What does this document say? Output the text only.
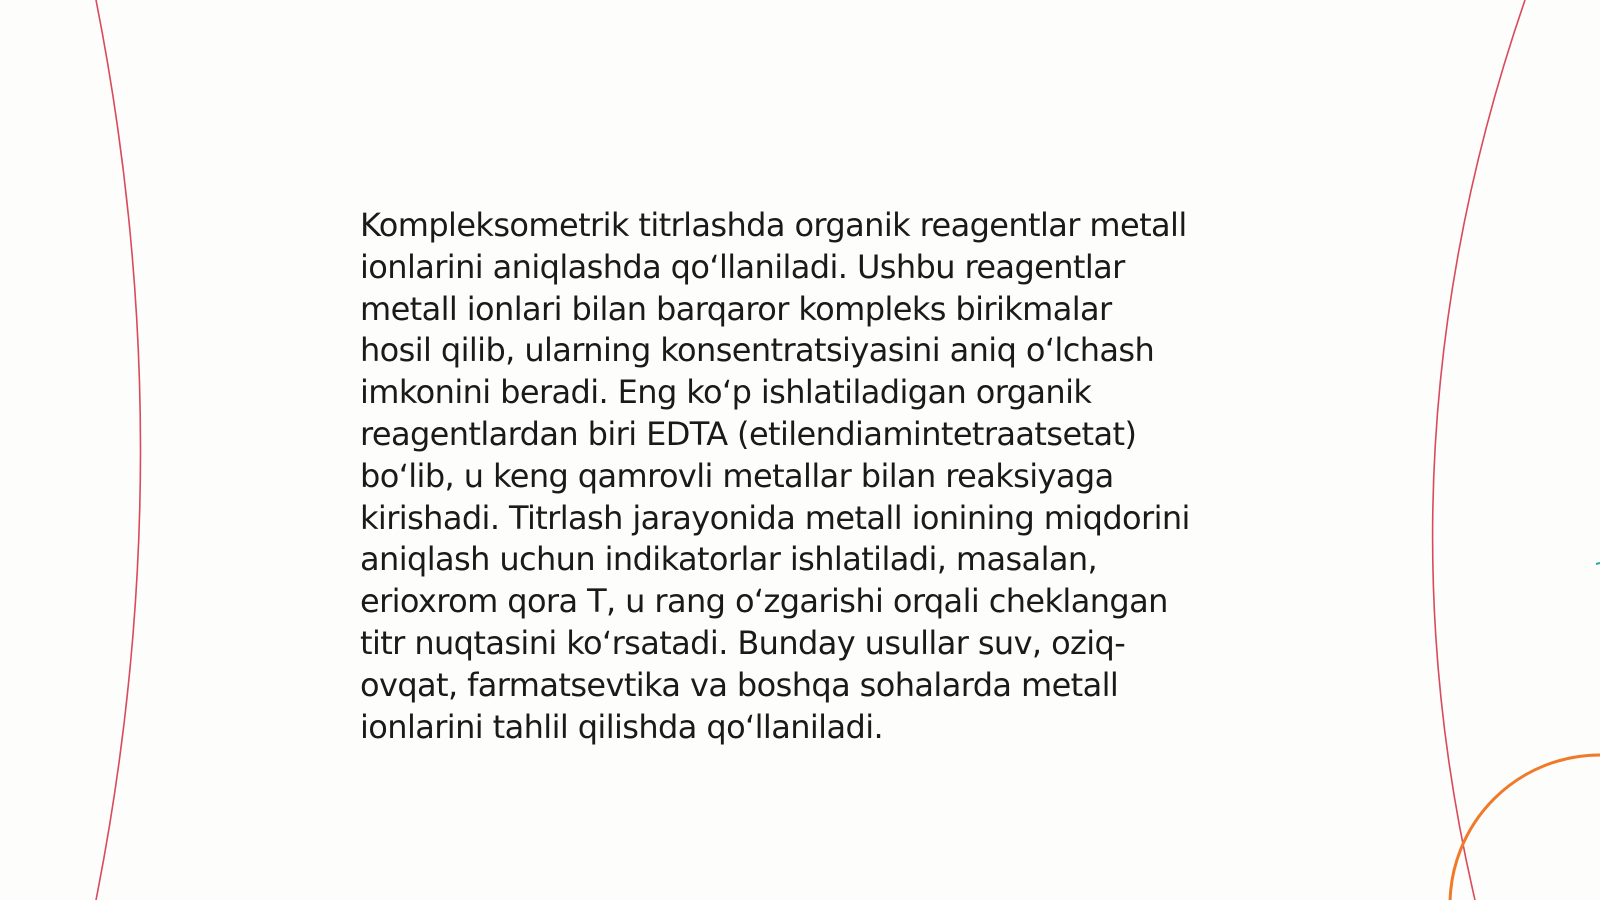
Kompleksometrik titrlashda organik reagentlar metall
ionlarini aniqlashda qoʻllaniladi. Ushbu reagentlar
metall ionlari bilan barqaror kompleks birikmalar
hosil qilib, ularning konsentratsiyasini aniq oʻlchash
imkonini beradi. Eng koʻp ishlatiladigan organik
reagentlardan biri EDTA (etilendiamintetraatsetat)
boʻlib, u keng qamrovli metallar bilan reaksiyaga
kirishadi. Titrlash jarayonida metall ionining miqdorini
aniqlash uchun indikatorlar ishlatiladi, masalan,
erioxrom qora T, u rang oʻzgarishi orqali cheklangan
titr nuqtasini koʻrsatadi. Bunday usullar suv, oziq-
ovqat, farmatsevtika va boshqa sohalarda metall
ionlarini tahlil qilishda qoʻllaniladi.
